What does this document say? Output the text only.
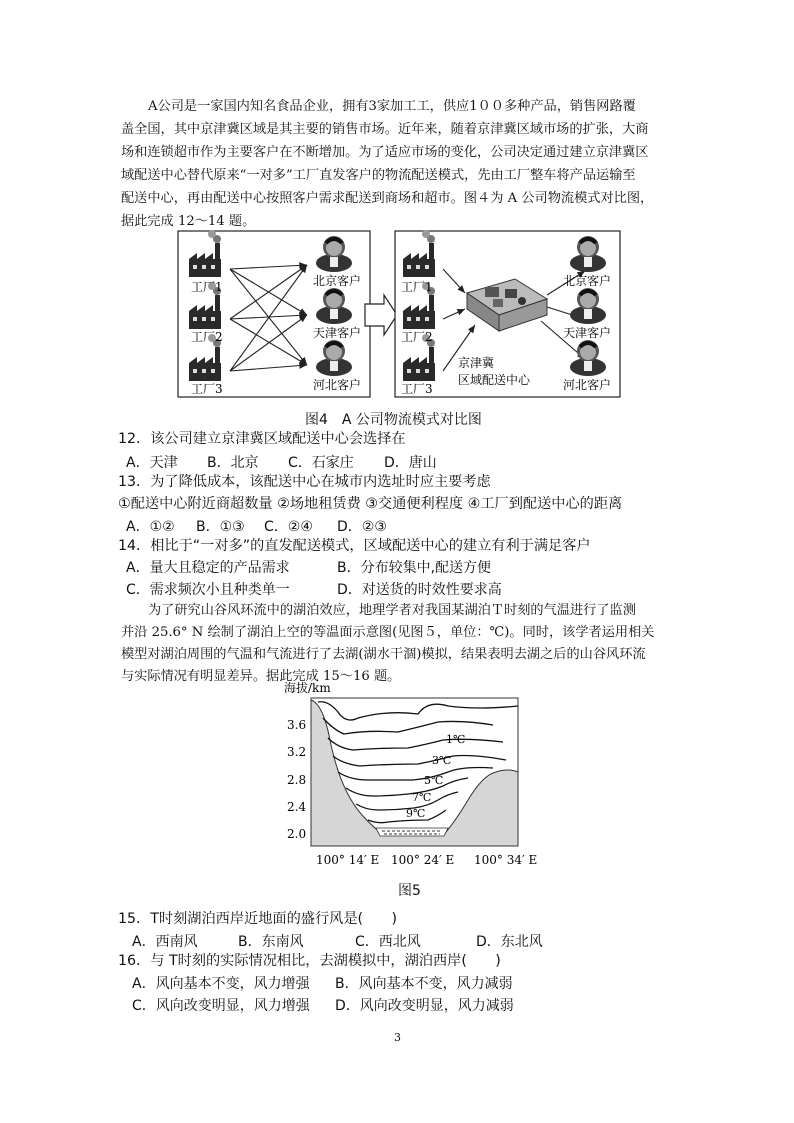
A公司是一家国内知名食品企业，拥有3家加工工，供应1００多种产品，销售网路覆
盖全国，其中京津冀区域是其主要的销售市场。近年来，随着京津冀区域市场的扩张，大商
场和连锁超市作为主要客户在不断增加。为了适应市场的变化，公司决定通过建立京津冀区
域配送中心替代原来“一对多”工厂直发客户的物流配送模式，先由工厂整车将产品运输至
配送中心，再由配送中心按照客户需求配送到商场和超市。图４为 A 公司物流模式对比图，
据此完成 12～14 题。
工厂1
工厂2
工厂3
北京客户
天津客户
河北客户
工厂1
工厂2
工厂3
京津冀
区域配送中心
北京客户
天津客户
河北客户
图4　A 公司物流模式对比图
12．该公司建立京津冀区域配送中心会选择在
A．天津 B．北京 C．石家庄 D．唐山
13．为了降低成本，该配送中心在城市内选址时应主要考虑
①配送中心附近商超数量 ②场地租赁费 ③交通便利程度 ④工厂到配送中心的距离
A．①② B．①③ C．②④ D．②③
14．相比于“一对多”的直发配送模式，区域配送中心的建立有利于满足客户
A．量大且稳定的产品需求	B．分布较集中,配送方便
C．需求频次小且种类单一	D．对送货的时效性要求高
为了研究山谷风环流中的湖泊效应，地理学者对我国某湖泊Ｔ时刻的气温进行了监测
并沿 25.6° N 绘制了湖泊上空的等温面示意图(见图５，单位：℃)。同时，该学者运用相关
模型对湖泊周围的气温和气流进行了去湖(湖水干涸)模拟，结果表明去湖之后的山谷风环流
与实际情况有明显差异。据此完成 15～16 题。
海拔/km
1℃
3℃
5℃
7℃
9℃
3.6
3.2
2.8
2.4
2.0
100° 14′ E 100° 24′ E 100° 34′ E
图5
15．T时刻湖泊西岸近地面的盛行风是(　　)
A．西南风	B．东南风	C．西北风	D．东北风
16．与 T时刻的实际情况相比，去湖模拟中，湖泊西岸(　　)
A．风向基本不变，风力增强 B．风向基本不变，风力减弱
C．风向改变明显，风力增强 D．风向改变明显，风力减弱
3
